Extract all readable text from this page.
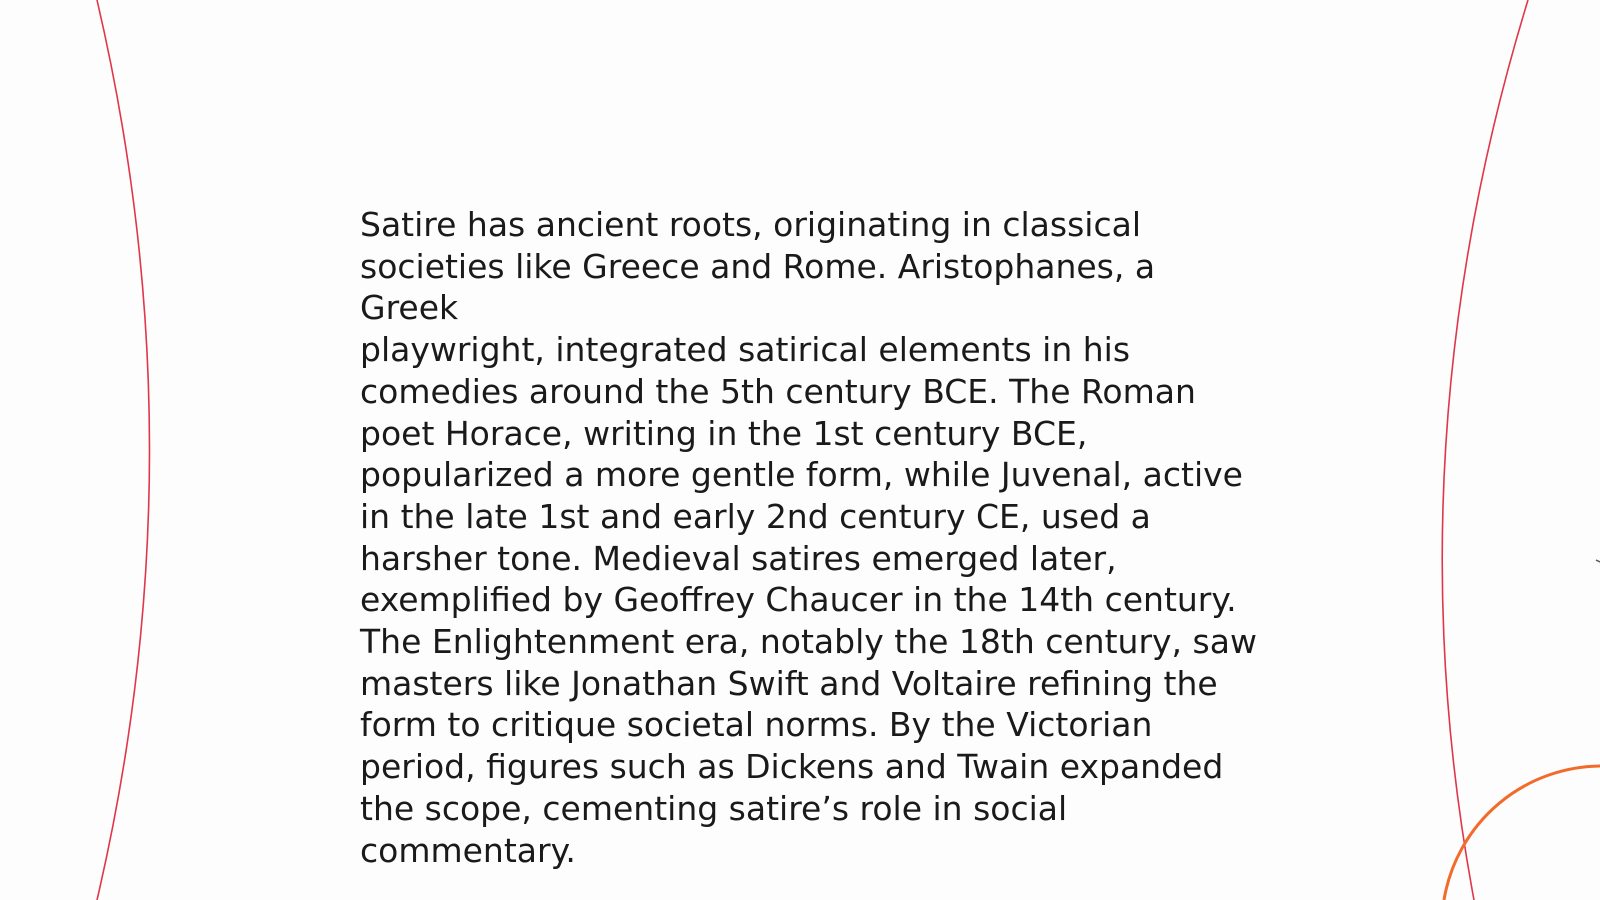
Satire has ancient roots, originating in classical
societies like Greece and Rome. Aristophanes, a Greek
playwright, integrated satirical elements in his
comedies around the 5th century BCE. The Roman
poet Horace, writing in the 1st century BCE,
popularized a more gentle form, while Juvenal, active
in the late 1st and early 2nd century CE, used a
harsher tone. Medieval satires emerged later,
exemplified by Geoffrey Chaucer in the 14th century.
The Enlightenment era, notably the 18th century, saw
masters like Jonathan Swift and Voltaire refining the
form to critique societal norms. By the Victorian
period, figures such as Dickens and Twain expanded
the scope, cementing satire’s role in social
commentary.
